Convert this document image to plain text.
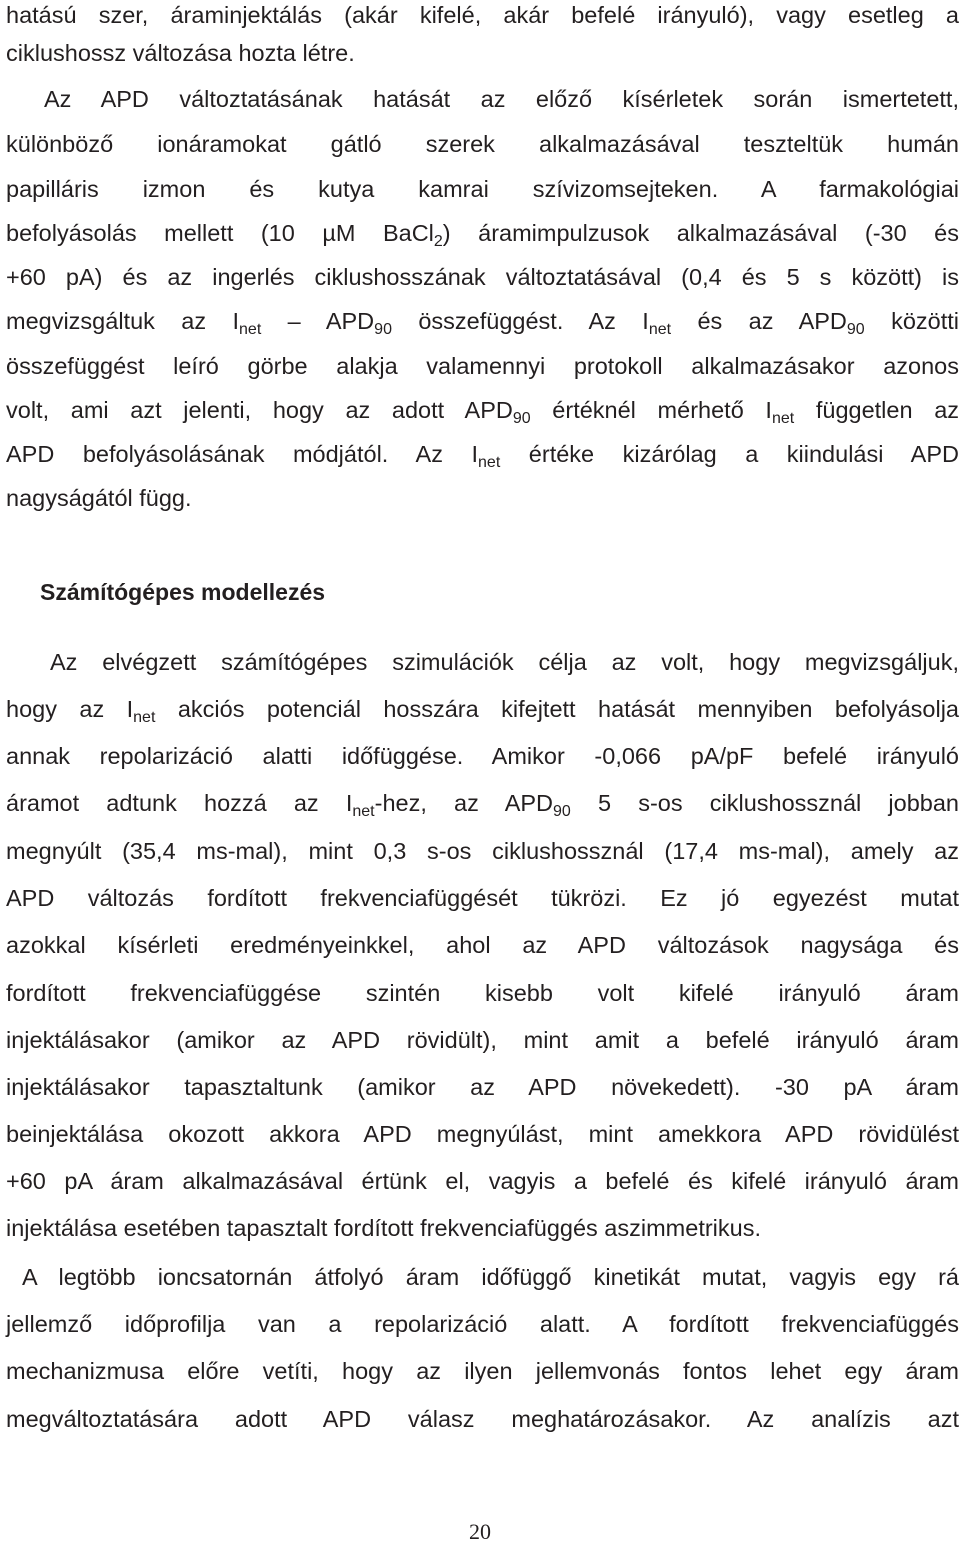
hatású szer, áraminjektálás (akár kifelé, akár befelé irányuló), vagy esetleg a
ciklushossz változása hozta létre.
Az APD változtatásának hatását az előző kísérletek során ismertetett,
különböző ionáramokat gátló szerek alkalmazásával teszteltük humán
papilláris izmon és kutya kamrai szívizomsejteken. A farmakológiai
befolyásolás mellett (10 µM BaCl$_2$) áramimpulzusok alkalmazásával (-30 és
+60 pA) és az ingerlés ciklushosszának változtatásával (0,4 és 5 s között) is
megvizsgáltuk az $I_{net} - APD_{90}$ összefüggést. Az $I_{net}$ és az $APD_{90}$ közötti
összefüggést leíró görbe alakja valamennyi protokoll alkalmazásakor azonos
volt, ami azt jelenti, hogy az adott $APD_{90}$ értéknél mérhető $I_{net}$ független az
APD befolyásolásának módjától. Az $I_{net}$ értéke kizárólag a kiindulási APD
nagyságától függ.
Számítógépes modellezés
Az elvégzett számítógépes szimulációk célja az volt, hogy megvizsgáljuk,
hogy az $I_{net}$ akciós potenciál hosszára kifejtett hatását mennyiben befolyásolja
annak repolarizáció alatti időfüggése. Amikor -0,066 pA/pF befelé irányuló
áramot adtunk hozzá az $I_{net}$-hez, az $APD_{90}$ 5 s-os ciklushossznál jobban
megnyúlt (35,4 ms-mal), mint 0,3 s-os ciklushossznál (17,4 ms-mal), amely az
APD változás fordított frekvenciafüggését tükrözi. Ez jó egyezést mutat
azokkal kísérleti eredményeinkkel, ahol az APD változások nagysága és
fordított frekvenciafüggése szintén kisebb volt kifelé irányuló áram
injektálásakor (amikor az APD rövidült), mint amit a befelé irányuló áram
injektálásakor tapasztaltunk (amikor az APD növekedett). -30 pA áram
beinjektálása okozott akkora APD megnyúlást, mint amekkora APD rövidülést
+60 pA áram alkalmazásával értünk el, vagyis a befelé és kifelé irányuló áram
injektálása esetében tapasztalt fordított frekvenciafüggés aszimmetrikus.
A legtöbb ioncsatornán átfolyó áram időfüggő kinetikát mutat, vagyis egy rá
jellemző időprofilja van a repolarizáció alatt. A fordított frekvenciafüggés
mechanizmusa előre vetíti, hogy az ilyen jellemvonás fontos lehet egy áram
megváltoztatására adott APD válasz meghatározásakor. Az analízis azt
20
